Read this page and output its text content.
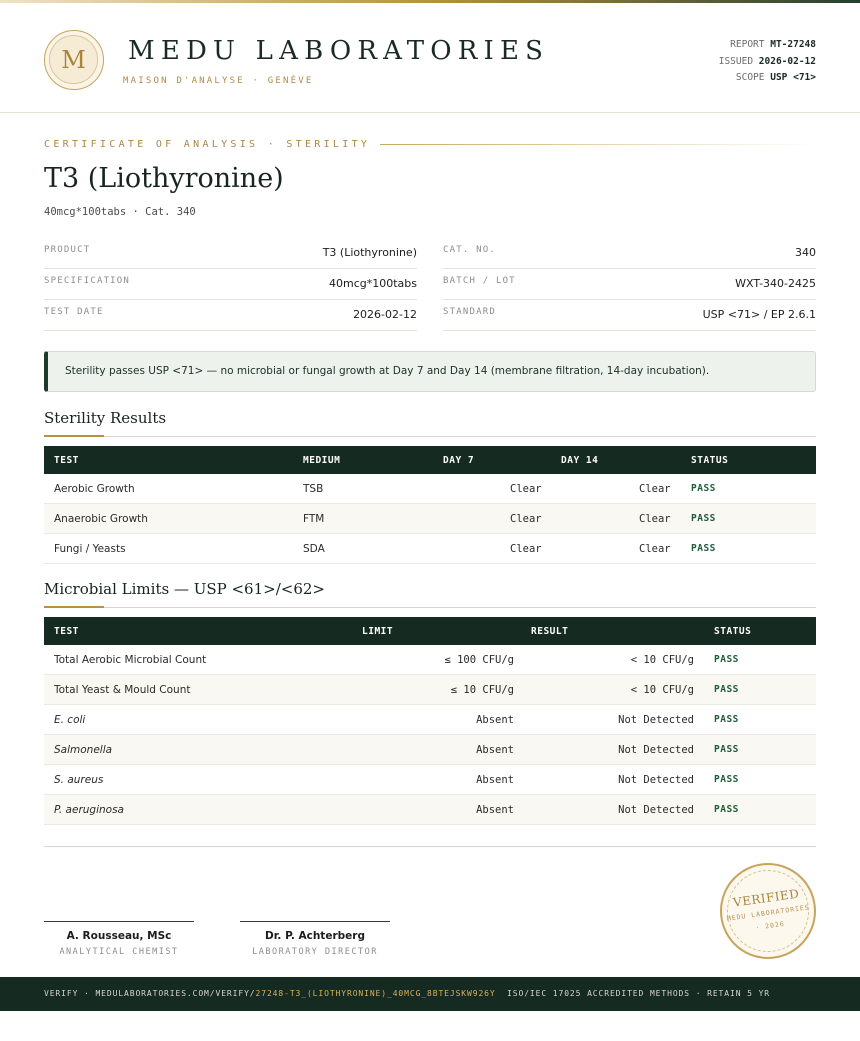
M	MEDU LABORATORIES
MAISON D'ANALYSE · GENÈVE
REPORT MT-27248
ISSUED 2026-02-12
SCOPE USP <71>
CERTIFICATE OF ANALYSIS · STERILITY
T3 (Liothyronine)
40mcg*100tabs · Cat. 340
PRODUCT	T3 (Liothyronine)
SPECIFICATION	40mcg*100tabs
TEST DATE	2026-02-12
CAT. NO.	340
BATCH / LOT	WXT-340-2425
STANDARD	USP <71> / EP 2.6.1
Sterility passes USP <71> — no microbial or fungal growth at Day 7 and Day 14 (membrane filtration, 14-day incubation).
Sterility Results
TEST	MEDIUM	DAY 7	DAY 14	STATUS
Aerobic Growth	TSB	Clear	Clear PASS
Anaerobic Growth	FTM	Clear	Clear PASS
Fungi / Yeasts	SDA	Clear	Clear PASS
Microbial Limits — USP <61>/<62>
TEST	LIMIT	RESULT	STATUS
Total Aerobic Microbial Count	≤ 100 CFU/g	< 10 CFU/g PASS
Total Yeast & Mould Count	≤ 10 CFU/g	< 10 CFU/g PASS
E. coli	Absent	Not Detected PASS
Salmonella	Absent	Not Detected PASS
S. aureus	Absent	Not Detected PASS
P. aeruginosa	Absent	Not Detected PASS
A. Rousseau, MSc
ANALYTICAL CHEMIST
Dr. P. Achterberg
LABORATORY DIRECTOR
VERIFIED
MEDU LABORATORIES
· 2026
VERIFY · MEDULABORATORIES.COM/VERIFY/27248-T3_(LIOTHYRONINE)_40MCG_8BTEJSKW926Y ISO/IEC 17025 ACCREDITED METHODS · RETAIN 5 YR
